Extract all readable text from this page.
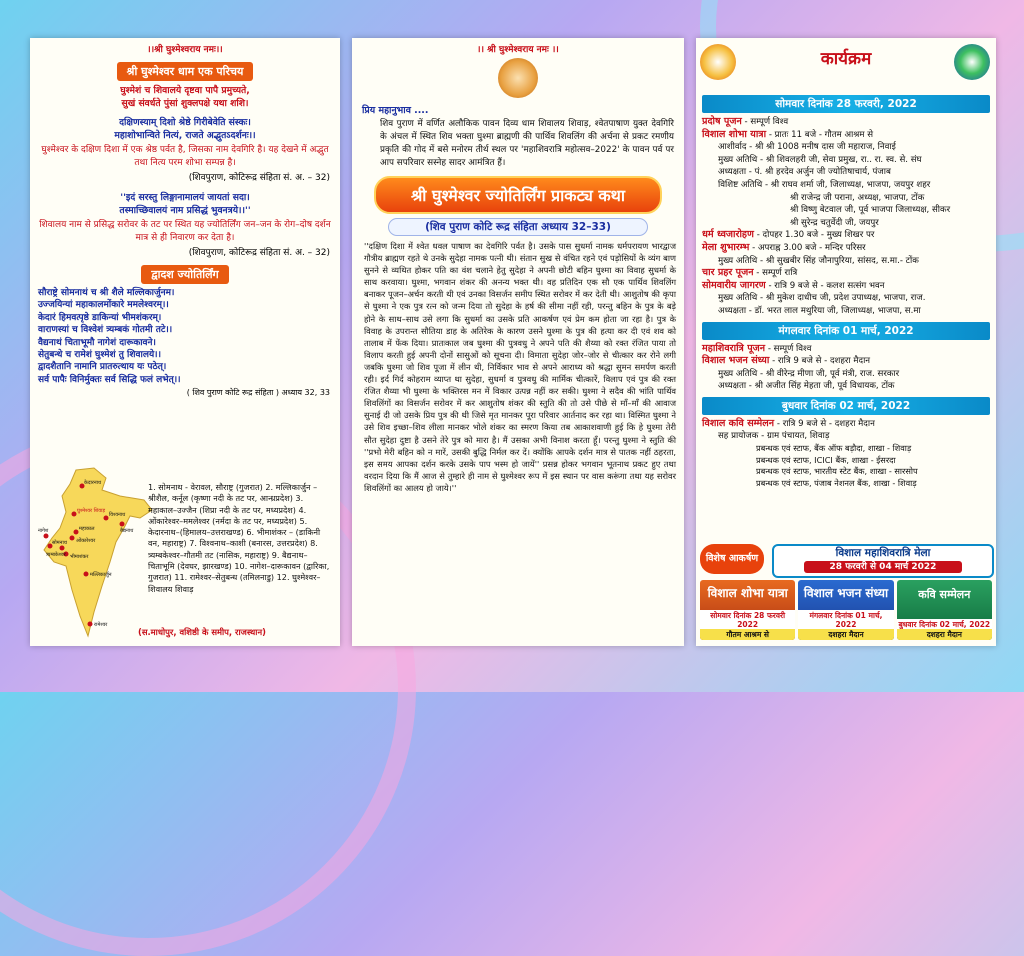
।।श्री घुश्मेश्वराय नमः।।
श्री घुश्मेश्वर धाम एक परिचय
घुश्मेशं च शिवालये दृष्टवा पापै प्रमुच्यते,
सुखं संवर्धते पुंसां शुक्लपक्षे यथा शशि।
दक्षिणस्याम् दिशो श्रेष्ठे गिरीबेवेति संस्कः।
महाशोभान्विते नित्यं, राजते अद्भुतऽदर्शनः।।
घुश्मेश्वर के दक्षिण दिशा में एक श्रेष्ठ पर्वत है, जिसका नाम देवगिरि है। यह देखने में अद्भुत तथा नित्य परम शोभा सम्पन्न है।
(शिवपुराण, कोटिरूद्र संहिता सं. अ. – 32)
''इदं सरस्तु लिङ्गानामालयं जायतां सदा।
तस्माच्छिवालयं नाम प्रसिद्धं भुवनत्रये।।''
शिवालय नाम से प्रसिद्ध सरोवर के तट पर स्थित यह ज्योतिर्लिंग जन–जन के रोग–दोष दर्शन मात्र से ही निवारण कर देता है।
(शिवपुराण, कोटिरूद्र संहिता सं. अ. – 32)
द्वादश ज्योतिर्लिंग
सौराष्ट्रे सोमनाथं च श्री शैले मल्लिकार्जुनम।
उज्जयिन्यां महाकालमोंकारे ममलेश्वरम्।।
केदारं हिमवत्पृष्ठे डाकिन्यां भीमशंकरम्।
वाराणस्यां च विश्वेशं त्र्यम्बकं गोतमी तटे।।
वैद्यनाथं चिताभूमौ नागेशं दारूकावने।
सेतुबन्धे च रामेशं घुश्मेशं तु शिवालये।।
द्वादशैतानि नामानि प्रातरुत्थाय यः पठेत्।
सर्व पापैः विनिर्मुक्तः सर्व सिद्धि फलं लभेत्।।
( शिव पुराण कोटि रूद्र संहिता ) अध्याय 32, 33
केदारनाथ
घुश्मेश्वर शिवाड़
विश्वनाथ
महाकाल	बैद्यनाथ
ओंकारेश्वर
भीमाशंकर
त्र्यम्बकेश्वर
मल्लिकार्जुन
नागेश
सोमनाथ
रामेश्वर
1. सोमनाथ - वेरावल, सौराष्ट्र (गुजरात) 2. मल्लिकार्जुन – श्रीशैल, कर्नूल (कृष्णा नदी के तट पर, आन्ध्रप्रदेश) 3. महाकाल–उज्जैन (शिप्रा नदी के तट पर, मध्यप्रदेश) 4. ओंकारेश्वर–ममलेश्वर (नर्मदा के तट पर, मध्यप्रदेश) 5. केदारनाथ–(हिमालय–उत्तराखण्ड) 6. भीमाशंकर – (डाकिनी वन, महाराष्ट्र) 7. विश्वनाथ–काशी (बनारस, उत्तरप्रदेश) 8. त्र्यम्बकेश्वर–गौतमी तट (नासिक, महाराष्ट्र) 9. बैद्यनाथ–चिताभूमि (देवघर, झारखण्ड) 10. नागेश–दारूकावन (द्वारिका, गुजरात) 11. रामेश्वर–सेतुबन्ध (तमिलनाडु) 12. घुश्मेश्वर–शिवालय शिवाड़
(स.माधोपुर, वशिष्ठी के समीप, राजस्थान)
।। श्री घुश्मेश्वराय नमः ।।
प्रिय महानुभाव ....
शिव पुराण में वर्णित अलौकिक पावन दिव्य धाम शिवालय शिवाड़, श्वेतपाषाण युक्त देवगिरि के अंचल में स्थित शिव भक्ता घुश्मा ब्राह्मणी की पार्थिव शिवलिंग की अर्चना से प्रकट रमणीय प्रकृति की गोद में बसे मनोरम तीर्थ स्थल पर 'महाशिवरात्रि महोत्सव–2022' के पावन पर्व पर आप सपरिवार सस्नेह सादर आमंत्रित हैं।
श्री घुश्मेश्वर ज्योतिर्लिंग प्राकट्य कथा
(शिव पुराण कोटि रूद्र संहिता अध्याय 32–33)
''दक्षिण दिशा में श्वेत धवल पाषाण का देवगिरि पर्वत है। उसके पास सुधर्मा नामक धर्मपरायण भारद्वाज गौत्रीय ब्राह्मण रहते थे उनके सुदेहा नामक पत्नी थी। संतान सुख से वंचित रहने एवं पड़ोसियों के व्यंग बाण सुनने से व्यथित होकर पति का वंश चलाने हेतु सुदेहा ने अपनी छोटी बहिन घुश्मा का विवाह सुधर्मा के साथ करवाया। घुश्मा, भगवान शंकर की अनन्य भक्त थी। वह प्रतिदिन एक सौ एक पार्थिव शिवलिंग बनाकर पूजन–अर्चन करती थी एवं उनका विसर्जन समीप स्थित सरोवर में कर देती थी। आशुतोष की कृपा से घुश्मा ने एक पुत्र रत्न को जन्म दिया तो सुदेहा के हर्ष की सीमा नहीं रही, परन्तु बहिन के पुत्र के बड़े होने के साथ–साथ उसे लगा कि सुधर्मा का उसके प्रति आकर्षण एवं प्रेम कम होता जा रहा है। पुत्र के विवाह के उपरान्त सौतिया डाह के अतिरेक के कारण उसने घुश्मा के पुत्र की हत्या कर दी एवं शव को तालाब में फेंक दिया। प्रातःकाल जब घुश्मा की पुत्रवधु ने अपने पति की शैय्या को रक्त रंजित पाया तो विलाप करती हुई अपनी दोनों सासुओं को सूचना दी। विमाता सुदेहा जोर–जोर से चीत्कार कर रोने लगी जबकि घुश्मा जो शिव पूजा में लीन थी, निर्विकार भाव से अपने आराध्य को श्रद्धा सुमन समर्पण करती रही। इर्द गिर्द कोहराम व्याप्त था सुदेहा, सुधर्मा व पुत्रवधु की मार्मिक चीत्कारें, विलाप एवं पुत्र की रक्त रंजित शैय्या भी घुश्मा के भक्तिरस मन में विकार उत्पन्न नहीं कर सकी। घुश्मा ने सदैव की भांति पार्थिव शिवलिंगों का विसर्जन सरोवर में कर आशुतोष शंकर की स्तुति की तो उसे पीछे से माँ–माँ की आवाज सुनाई दी जो उसके प्रिय पुत्र की थी जिसे मृत मानकर पूरा परिवार आर्तनाद कर रहा था। विस्मित घुश्मा ने उसे शिव इच्छा–शिव लीला मानकर भोले शंकर का स्मरण किया तब आकाशवाणी हुई कि हे घुश्मा तेरी सौत सुदेहा दुष्टा है उसने तेरे पुत्र को मारा है। मैं उसका अभी विनाश करता हूँ। परन्तु घुश्मा ने स्तुति की ''प्रभो मेरी बहिन को न मारें, उसकी बुद्धि निर्मल कर दें। क्योंकि आपके दर्शन मात्र से पातक नहीं ठहरता, इस समय आपका दर्शन करके उसके पाप भस्म हो जायें'' प्रसन्न होकर भगवान भूतनाथ प्रकट हुए तथा वरदान दिया कि मैं आज से तुम्हारे ही नाम से घुश्मेश्वर रूप में इस स्थान पर वास करूंगा तथा यह सरोवर शिवलिंगों का आलय हो जाये।''
कार्यक्रम
सोमवार दिनांक 28 फरवरी, 2022
प्रदोष पूजन - सम्पूर्ण विश्व
विशाल शोभा यात्रा - प्रातः 11 बजे - गौतम आश्रम से
आशीर्वाद - श्री श्री 1008 मनीष दास जी महाराज, निवाई
मुख्य अतिथि - श्री शिवलहरी जी, सेवा प्रमुख, रा.. रा. स्व. से. संघ
अध्यक्षता - पं. श्री हरदेव अर्जुन जी ज्योतिषाचार्य, पंजाब
विशिष्ट अतिथि - श्री राघव शर्मा जी, जिलाध्यक्ष, भाजपा, जयपुर शहर
श्री राजेन्द्र जी पराना, अध्यक्ष, भाजपा, टोंक
श्री विष्णु बेटवाल जी, पूर्व भाजपा जिलाध्यक्ष, सीकर
श्री सुरेन्द्र चतुर्वेदी जी, जयपुर
धर्म ध्वजारोहण - दोपहर 1.30 बजे - मुख्य शिखर पर
मेला शुभारम्भ - अपराह्न 3.00 बजे - मन्दिर परिसर
मुख्य अतिथि - श्री सुखबीर सिंह जौनापुरिया, सांसद, स.मा.- टोंक
चार प्रहर पूजन - सम्पूर्ण रात्रि
सोमवारीय जागरण - रात्रि 9 बजे से - कलश सत्संग भवन
मुख्य अतिथि - श्री मुकेश दाधीच जी, प्रदेश उपाध्यक्ष, भाजपा, राज.
अध्यक्षता - डॉ. भरत लाल मथुरिया जी, जिलाध्यक्ष, भाजपा, स.मा
मंगलवार दिनांक 01 मार्च, 2022
महाशिवरात्रि पूजन - सम्पूर्ण विश्व
विशाल भजन संध्या - रात्रि 9 बजे से - दशहरा मैदान
मुख्य अतिथि - श्री वीरेन्द्र मीणा जी, पूर्व मंत्री, राज. सरकार
अध्यक्षता - श्री अजीत सिंह मेहता जी, पूर्व विधायक, टोंक
बुधवार दिनांक 02 मार्च, 2022
विशाल कवि सम्मेलन - रात्रि 9 बजे से - दशहरा मैदान
सह प्रायोजक - ग्राम पंचायत, शिवाड़
प्रबन्धक एवं स्टाफ, बैंक ऑफ बड़ौदा, शाखा - शिवाड़
प्रबन्धक एवं स्टाफ, ICICI बैंक, शाखा - ईसरदा
प्रबन्धक एवं स्टाफ, भारतीय स्टेट बैंक, शाखा - सारसोप
प्रबन्धक एवं स्टाफ, पंजाब नेशनल बैंक, शाखा - शिवाड़
विशेष आकर्षण	विशाल महाशिवरात्रि मेला
28 फरवरी से 04 मार्च 2022
विशाल शोभा यात्रा
सोमवार दिनांक 28 फरवरी 2022
गौतम आश्रम से
विशाल भजन संध्या
मंगलवार दिनांक 01 मार्च, 2022
दशहरा मैदान
कवि सम्मेलन
बुधवार दिनांक 02 मार्च, 2022
दशहरा मैदान
